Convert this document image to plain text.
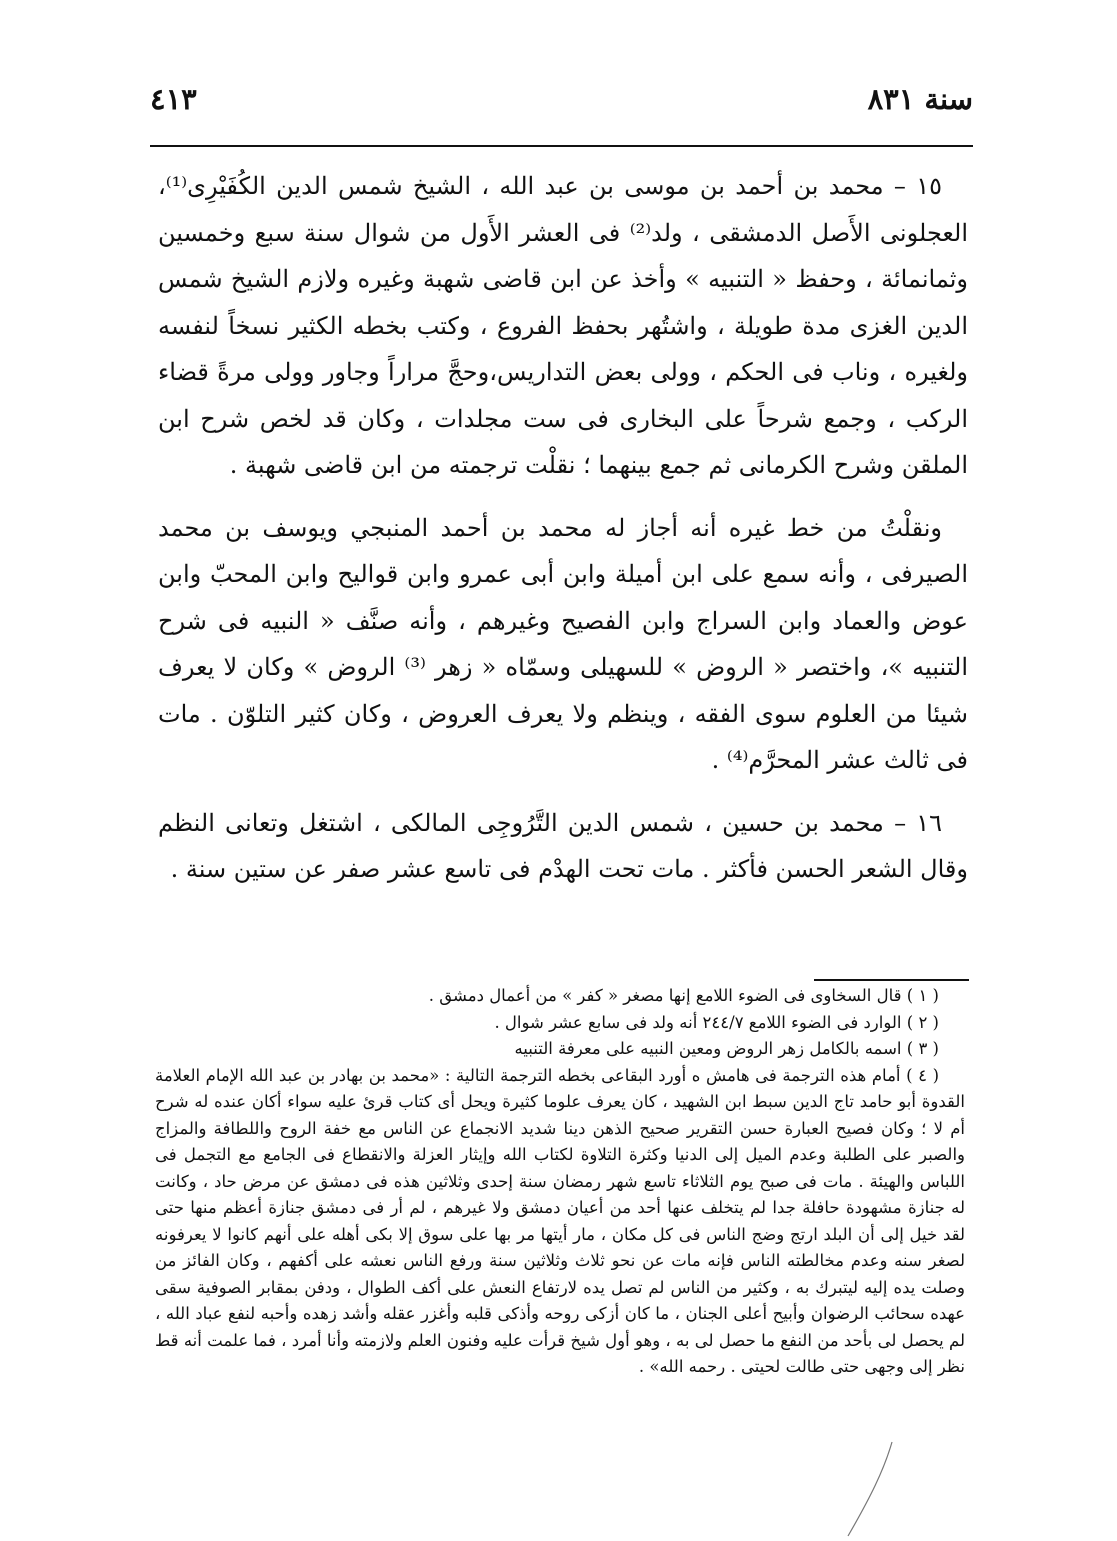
سنة ٨٣١
٤١٣

١٥ – محمد بن أحمد بن موسى بن عبد الله ، الشيخ شمس الدين الكُفَيْرِى⁽¹⁾، العجلونى الأَصل الدمشقى ، ولد⁽²⁾ فى العشر الأَول من شوال سنة سبع وخمسين وثمانمائة ، وحفظ « التنبيه » وأخذ عن ابن قاضى شهبة وغيره ولازم الشيخ شمس الدين الغزى مدة طويلة ، واشتُهر بحفظ الفروع ، وكتب بخطه الكثير نسخاً لنفسه ولغيره ، وناب فى الحكم ، وولى بعض التداريس،وحجَّ مراراً وجاور وولى مرةً قضاء الركب ، وجمع شرحاً على البخارى فى ست مجلدات ، وكان قد لخص شرح ابن الملقن وشرح الكرمانى ثم جمع بينهما ؛ نقلْت ترجمته من ابن قاضى شهبة .

ونقلْتُ من خط غيره أنه أجاز له محمد بن أحمد المنبجي ويوسف بن محمد الصيرفى ، وأنه سمع على ابن أميلة وابن أبى عمرو وابن قواليح وابن المحبّ وابن عوض والعماد وابن السراج وابن الفصيح وغيرهم ، وأنه صنَّف « النبيه فى شرح التنبيه »، واختصر « الروض » للسهيلى وسمّاه « زهر ⁽³⁾ الروض » وكان لا يعرف شيئا من العلوم سوى الفقه ، وينظم ولا يعرف العروض ، وكان كثير التلوّن . مات فى ثالث عشر المحرَّم⁽⁴⁾ .

١٦ – محمد بن حسين ، شمس الدين التَّرُوجِى المالكى ، اشتغل وتعانى النظم وقال الشعر الحسن فأكثر . مات تحت الهدْم فى تاسع عشر صفر عن ستين سنة .

( ١ ) قال السخاوى فى الضوء اللامع إنها مصغر « كفر » من أعمال دمشق .

( ٢ ) الوارد فى الضوء اللامع ٢٤٤/٧ أنه ولد فى سابع عشر شوال .

( ٣ ) اسمه بالكامل زهر الروض ومعين النبيه على معرفة التنبيه

( ٤ ) أمام هذه الترجمة فى هامش ه أورد البقاعى بخطه الترجمة التالية : «محمد بن بهادر بن عبد الله الإمام العلامة القدوة أبو حامد تاج الدين سبط ابن الشهيد ، كان يعرف علوما كثيرة ويحل أى كتاب قرئ عليه سواء أكان عنده له شرح أم لا ؛ وكان فصيح العبارة حسن التقرير صحيح الذهن دينا شديد الانجماع عن الناس مع خفة الروح واللطافة والمزاج والصبر على الطلبة وعدم الميل إلى الدنيا وكثرة التلاوة لكتاب الله وإيثار العزلة والانقطاع فى الجامع مع التجمل فى اللباس والهيئة . مات فى صبح يوم الثلاثاء تاسع شهر رمضان سنة إحدى وثلاثين هذه فى دمشق عن مرض حاد ، وكانت له جنازة مشهودة حافلة جدا لم يتخلف عنها أحد من أعيان دمشق ولا غيرهم ، لم أر فى دمشق جنازة أعظم منها حتى لقد خيل إلى أن البلد ارتج وضج الناس فى كل مكان ، مار أيتها مر بها على سوق إلا بكى أهله على أنهم كانوا لا يعرفونه لصغر سنه وعدم مخالطته الناس فإنه مات عن نحو ثلاث وثلاثين سنة ورفع الناس نعشه على أكفهم ، وكان الفائز من وصلت يده إليه ليتبرك به ، وكثير من الناس لم تصل يده لارتفاع النعش على أكف الطوال ، ودفن بمقابر الصوفية سقى عهده سحائب الرضوان وأبيح أعلى الجنان ، ما كان أزكى روحه وأذكى قلبه وأغزر عقله وأشد زهده وأحبه لنفع عباد الله ، لم يحصل لى بأحد من النفع ما حصل لى به ، وهو أول شيخ قرأت عليه وفنون العلم ولازمته وأنا أمرد ، فما علمت أنه قط نظر إلى وجهى حتى طالت لحيتى . رحمه الله» .
